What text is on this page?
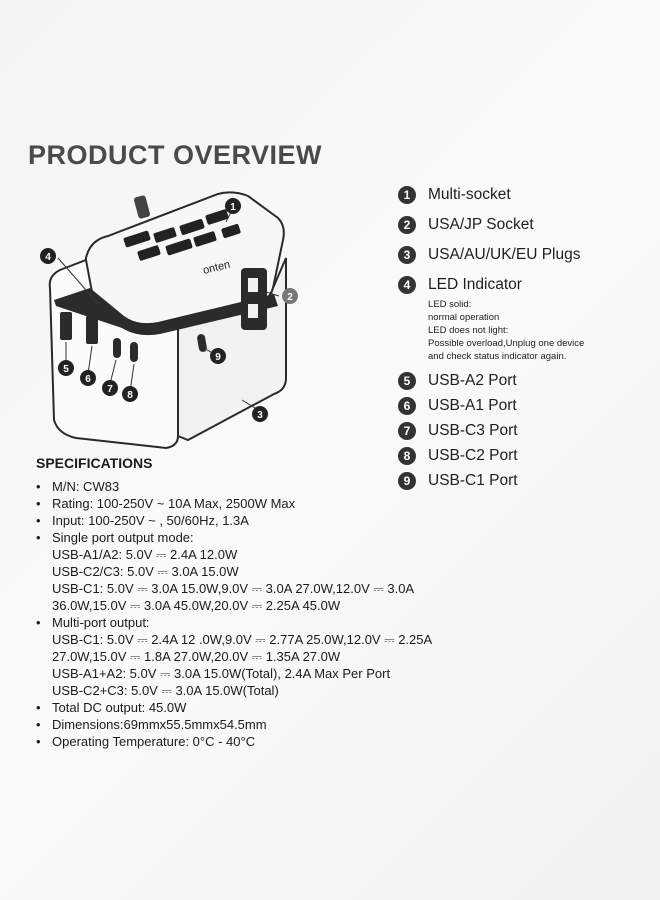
PRODUCT OVERVIEW
onten
1
2
3
4
5
6
7
8
9
1	Multi-socket
2	USA/JP Socket
3	USA/AU/UK/EU Plugs
4	LED Indicator
LED solid:
normal operation
LED does not light:
Possible overload,Unplug one device
and check status indicator again.
5	USB-A2 Port
6	USB-A1 Port
7	USB-C3 Port
8	USB-C2 Port
9	USB-C1 Port
SPECIFICATIONS
• M/N: CW83
• Rating: 100-250V ~ 10A Max, 2500W Max
• Input: 100-250V ~ , 50/60Hz, 1.3A
• Single port output mode:
USB-A1/A2: 5.0V ⎓ 2.4A 12.0W
USB-C2/C3: 5.0V ⎓ 3.0A 15.0W
USB-C1: 5.0V ⎓ 3.0A 15.0W,9.0V ⎓ 3.0A 27.0W,12.0V ⎓ 3.0A
36.0W,15.0V ⎓ 3.0A 45.0W,20.0V ⎓ 2.25A 45.0W
• Multi-port output:
USB-C1: 5.0V ⎓ 2.4A 12 .0W,9.0V ⎓ 2.77A 25.0W,12.0V ⎓ 2.25A
27.0W,15.0V ⎓ 1.8A 27.0W,20.0V ⎓ 1.35A 27.0W
USB-A1+A2: 5.0V ⎓ 3.0A 15.0W(Total), 2.4A Max Per Port
USB-C2+C3: 5.0V ⎓ 3.0A 15.0W(Total)
• Total DC output: 45.0W
• Dimensions:69mmx55.5mmx54.5mm
• Operating Temperature: 0°C - 40°C
